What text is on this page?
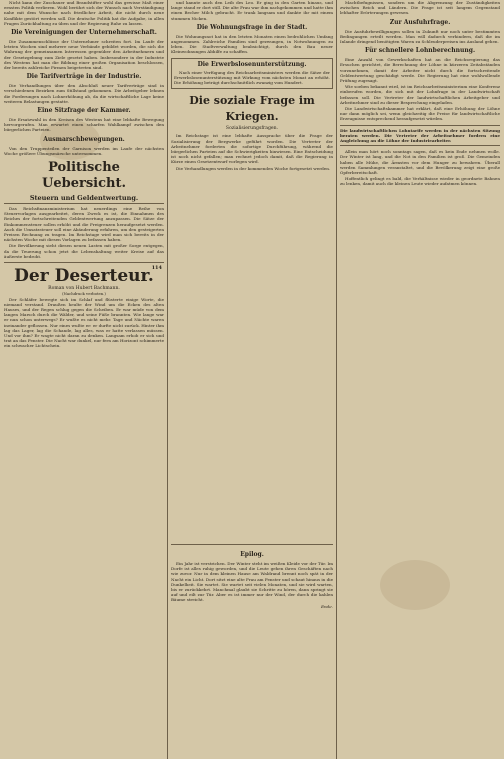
Nicht kann der Zuschauer und Brandstifter wohl das gewisse Maß einer ernsten Politik verlieren. Wohl berührt sich der Wunsch nach Verständigung nahe mit dem Wunsche nach friedlicher Arbeit, die nicht durch neue Konflikte gestört werden soll. Die deutsche Politik hat die Aufgabe, in allen Fragen Zurückhaltung zu üben und der Regierung Ruhe zu lassen.

Die Vereinigungen der Unternehmerschaft.

Die Zusammenschlüsse der Unternehmer schreiten fort. Im Laufe der letzten Wochen sind mehrere neue Verbände gebildet worden, die sich die Wahrung der gemeinsamen Interessen gegenüber den Arbeitnehmern und der Gesetzgebung zum Ziele gesetzt haben. Insbesondere in der Industrie des Westens hat man die Bildung einer großen Organisation beschlossen, der bereits zahlreiche Firmen beigetreten sind.

Die Tarifverträge in der Industrie.

Die Verhandlungen über den Abschluß neuer Tarifverträge sind in verschiedenen Bezirken zum Stillstand gekommen. Die Arbeitgeber lehnen die Forderungen nach Lohnerhöhung ab, da die wirtschaftliche Lage keine weiteren Belastungen gestatte.

Eine Sitzfrage der Kammer.

Die Ersatzwahl in den Kreisen des Westens hat eine lebhafte Bewegung hervorgerufen. Man erwartet einen scharfen Wahlkampf zwischen den bürgerlichen Parteien.

Ausmarschbewegungen.

Von den Truppenteilen der Garnison werden im Laufe der nächsten Woche größere Übungsmärsche unternommen.

Politische Uebersicht.
Steuern und Geldentwertung.

Das Reichsfinanzministerium hat neuerdings eine Reihe von Steuervorlagen ausgearbeitet, deren Zweck es ist, die Einnahmen des Reiches der fortschreitenden Geldentwertung anzupassen. Die Sätze der Einkommensteuer sollen erhöht und die Freigrenzen heraufgesetzt werden. Auch die Umsatzsteuer soll eine Abänderung erfahren, um den gesteigerten Preisen Rechnung zu tragen. Im Reichstage wird man sich bereits in der nächsten Woche mit diesen Vorlagen zu befassen haben.

Die Bevölkerung sieht diesen neuen Lasten mit großer Sorge entgegen, da die Teuerung schon jetzt die Lebenshaltung weiter Kreise auf das äußerste bedroht.

114
Der Deserteur.
Roman von Hubert Bachmann.
(Nachdruck verboten.)

Der Schläfer bewegte sich im Schlaf und flüsterte einige Worte, die niemand verstand. Draußen heulte der Wind um die Ecken des alten Hauses, und der Regen schlug gegen die Scheiben. Er war müde von dem langen Marsch durch die Wälder, und seine Füße brannten. Wie lange war er nun schon unterwegs? Er wußte es nicht mehr. Tage und Nächte waren ineinander geflossen. Nur eines wußte er: er durfte nicht zurück. Hinter ihm lag das Lager, lag die Schande, lag alles, was er hatte verlassen müssen. Und vor ihm? Er wagte nicht daran zu denken. Langsam erhob er sich und trat an das Fenster. Die Nacht war dunkel, nur fern am Horizont schimmerte ein schwacher Lichtschein.

und kannte auch den Leib des Leo. Er ging in den Garten hinaus, und lange stand er dort still. Die alte Frau war ihm nachgekommen und hatte ihm einen Becher Milch gebracht. Er trank langsam und dankte ihr mit einem stummen Nicken.

Die Wohnungsfrage in der Stadt.

Die Wohnungsnot hat in den letzten Monaten einen bedrohlichen Umfang angenommen. Zahlreiche Familien sind gezwungen, in Notwohnungen zu leben. Die Stadtverwaltung beabsichtigt, durch den Bau neuer Kleinwohnungen Abhilfe zu schaffen.

Die Erwerbslosenunterstützung.

Nach einer Verfügung des Reichsarbeitsministers werden die Sätze der Erwerbslosenunterstützung mit Wirkung vom nächsten Monat an erhöht. Die Erhöhung beträgt durchschnittlich zwanzig vom Hundert.

Die soziale Frage im Kriegen.
Sozialisierungsfragen.

Im Reichstage ist eine lebhafte Aussprache über die Frage der Sozialisierung der Bergwerke geführt worden. Die Vertreter der Arbeitnehmer forderten die sofortige Durchführung, während die bürgerlichen Parteien auf die Schwierigkeiten hinwiesen. Eine Entscheidung ist noch nicht gefallen; man rechnet jedoch damit, daß die Regierung in Kürze einen Gesetzentwurf vorlegen wird.

Die Verhandlungen werden in der kommenden Woche fortgesetzt werden.

Epilog.

Ein Jahr ist verstrichen. Der Winter steht im weißen Kleide vor der Tür. Im Dorfe ist alles ruhig geworden, und die Leute gehen ihren Geschäften nach wie zuvor. Nur in dem kleinen Hause am Waldrand brennt noch spät in der Nacht ein Licht. Dort sitzt eine alte Frau am Fenster und schaut hinaus in die Dunkelheit. Sie wartet. Sie wartet seit vielen Monaten, und sie wird warten, bis er zurückkehrt. Manchmal glaubt sie Schritte zu hören, dann springt sie auf und eilt zur Tür. Aber es ist immer nur der Wind, der durch die kahlen Bäume streicht.

Ende.

Machtbefugnissen, sondern um die Abgrenzung der Zuständigkeiten zwischen Reich und Ländern. Die Frage ist seit langem Gegenstand lebhafter Erörterungen gewesen.

Zur Ausfuhrfrage.

Die Ausfuhrbewilligungen sollen in Zukunft nur noch unter bestimmten Bedingungen erteilt werden. Man will dadurch verhindern, daß die im Inlande dringend benötigten Waren zu Schleuderpreisen ins Ausland gehen.

Für schnellere Lohnberechnung.

Eine Anzahl von Gewerkschaften hat an die Reichsregierung das Ersuchen gerichtet, die Berechnung der Löhne in kürzeren Zeitabständen vorzunehmen, damit der Arbeiter nicht durch die fortschreitende Geldentwertung geschädigt werde. Die Regierung hat eine wohlwollende Prüfung zugesagt.

Wie soeben bekannt wird, ist im Reichsarbeitsministerium eine Konferenz einberufen worden, die sich mit der Lohnfrage in der Landwirtschaft befassen soll. Die Vertreter der landwirtschaftlichen Arbeitgeber und Arbeitnehmer sind zu dieser Besprechung eingeladen.

Die Landwirtschaftskammer hat erklärt, daß eine Erhöhung der Löhne nur dann möglich sei, wenn gleichzeitig die Preise für landwirtschaftliche Erzeugnisse entsprechend heraufgesetzt würden.

Die landwirtschaftlichen Lohntarife werden in der nächsten Sitzung beraten werden. Die Vertreter der Arbeitnehmer fordern eine Angleichung an die Löhne der Industriearbeiter.

Allein man hört noch sonntags sagen, daß es kein Ende nehmen wolle. Der Winter ist lang, und die Not in den Familien ist groß. Die Gemeinden haben alle Mühe, die Ärmsten vor dem Hunger zu bewahren. Überall werden Sammlungen veranstaltet, und die Bevölkerung zeigt eine große Opferbereitschaft.

Hoffentlich gelingt es bald, die Verhältnisse wieder in geordnete Bahnen zu lenken, damit auch die kleinen Leute wieder aufatmen können.
